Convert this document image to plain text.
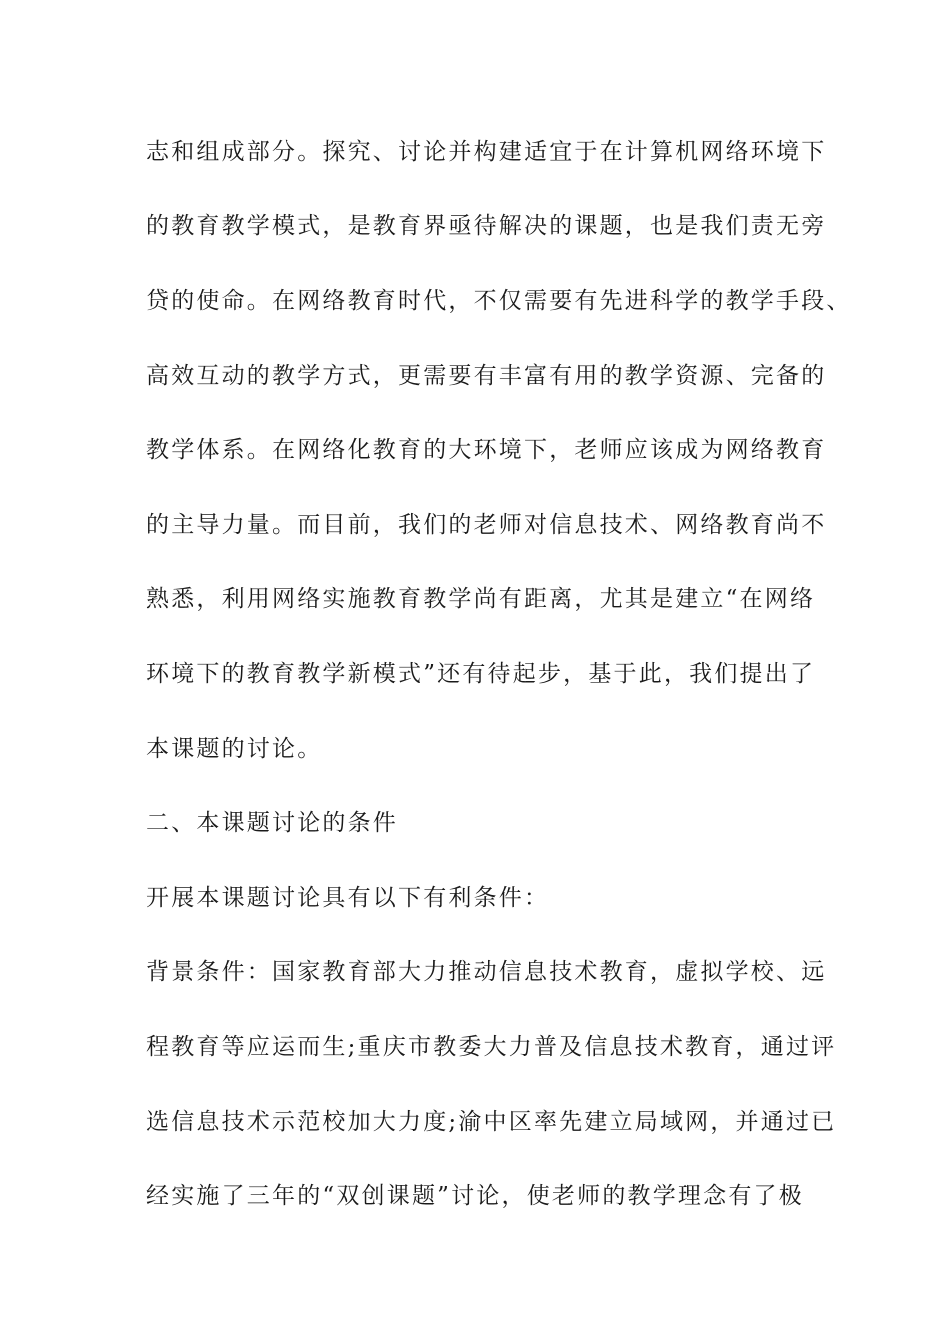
志和组成部分。探究、讨论并构建适宜于在计算机网络环境下
的教育教学模式，是教育界亟待解决的课题，也是我们责无旁
贷的使命。在网络教育时代，不仅需要有先进科学的教学手段、
高效互动的教学方式，更需要有丰富有用的教学资源、完备的
教学体系。在网络化教育的大环境下，老师应该成为网络教育
的主导力量。而目前，我们的老师对信息技术、网络教育尚不
熟悉，利用网络实施教育教学尚有距离，尤其是建立“在网络
环境下的教育教学新模式”还有待起步，基于此，我们提出了
本课题的讨论。
二、本课题讨论的条件
开展本课题讨论具有以下有利条件：
背景条件：国家教育部大力推动信息技术教育，虚拟学校、远
程教育等应运而生;重庆市教委大力普及信息技术教育，通过评
选信息技术示范校加大力度;渝中区率先建立局域网，并通过已
经实施了三年的“双创课题”讨论，使老师的教学理念有了极
